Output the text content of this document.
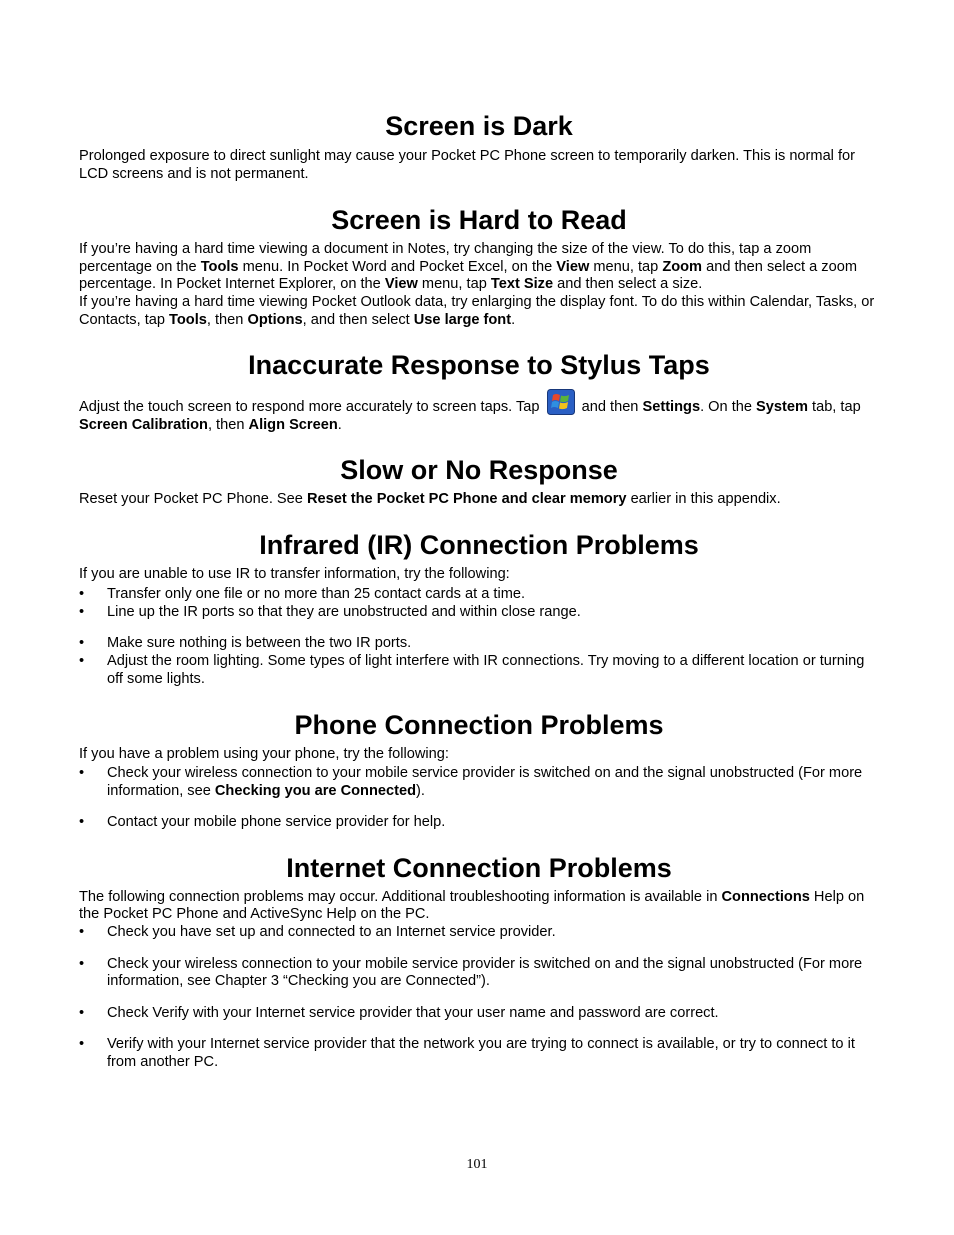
Screen is Dark

Prolonged exposure to direct sunlight may cause your Pocket PC Phone screen to temporarily darken. This is normal for LCD screens and is not permanent.

Screen is Hard to Read

If you’re having a hard time viewing a document in Notes, try changing the size of the view. To do this, tap a zoom percentage on the Tools menu. In Pocket Word and Pocket Excel, on the View menu, tap Zoom and then select a zoom percentage. In Pocket Internet Explorer, on the View menu, tap Text Size and then select a size.

If you’re having a hard time viewing Pocket Outlook data, try enlarging the display font. To do this within Calendar, Tasks, or Contacts, tap Tools, then Options, and then select Use large font.

Inaccurate Response to Stylus Taps

Adjust the touch screen to respond more accurately to screen taps. Tap  and then Settings. On the System tab, tap Screen Calibration, then Align Screen.

Slow or No Response

Reset your Pocket PC Phone. See Reset the Pocket PC Phone and clear memory earlier in this appendix.

Infrared (IR) Connection Problems

If you are unable to use IR to transfer information, try the following:

•	Transfer only one file or no more than 25 contact cards at a time.
•	Line up the IR ports so that they are unobstructed and within close range.
•	Make sure nothing is between the two IR ports.
•	Adjust the room lighting. Some types of light interfere with IR connections. Try moving to a different location or turning off some lights.
Phone Connection Problems

If you have a problem using your phone, try the following:

•	Check your wireless connection to your mobile service provider is switched on and the signal unobstructed (For more information, see Checking you are Connected).
•	Contact your mobile phone service provider for help.
Internet Connection Problems

The following connection problems may occur. Additional troubleshooting information is available in Connections Help on the Pocket PC Phone and ActiveSync Help on the PC.

•	Check you have set up and connected to an Internet service provider.
•	Check your wireless connection to your mobile service provider is switched on and the signal unobstructed (For more information, see Chapter 3 “Checking you are Connected”).
•	Check Verify with your Internet service provider that your user name and password are correct.
•	Verify with your Internet service provider that the network you are trying to connect is available, or try to connect to it from another PC.
101
